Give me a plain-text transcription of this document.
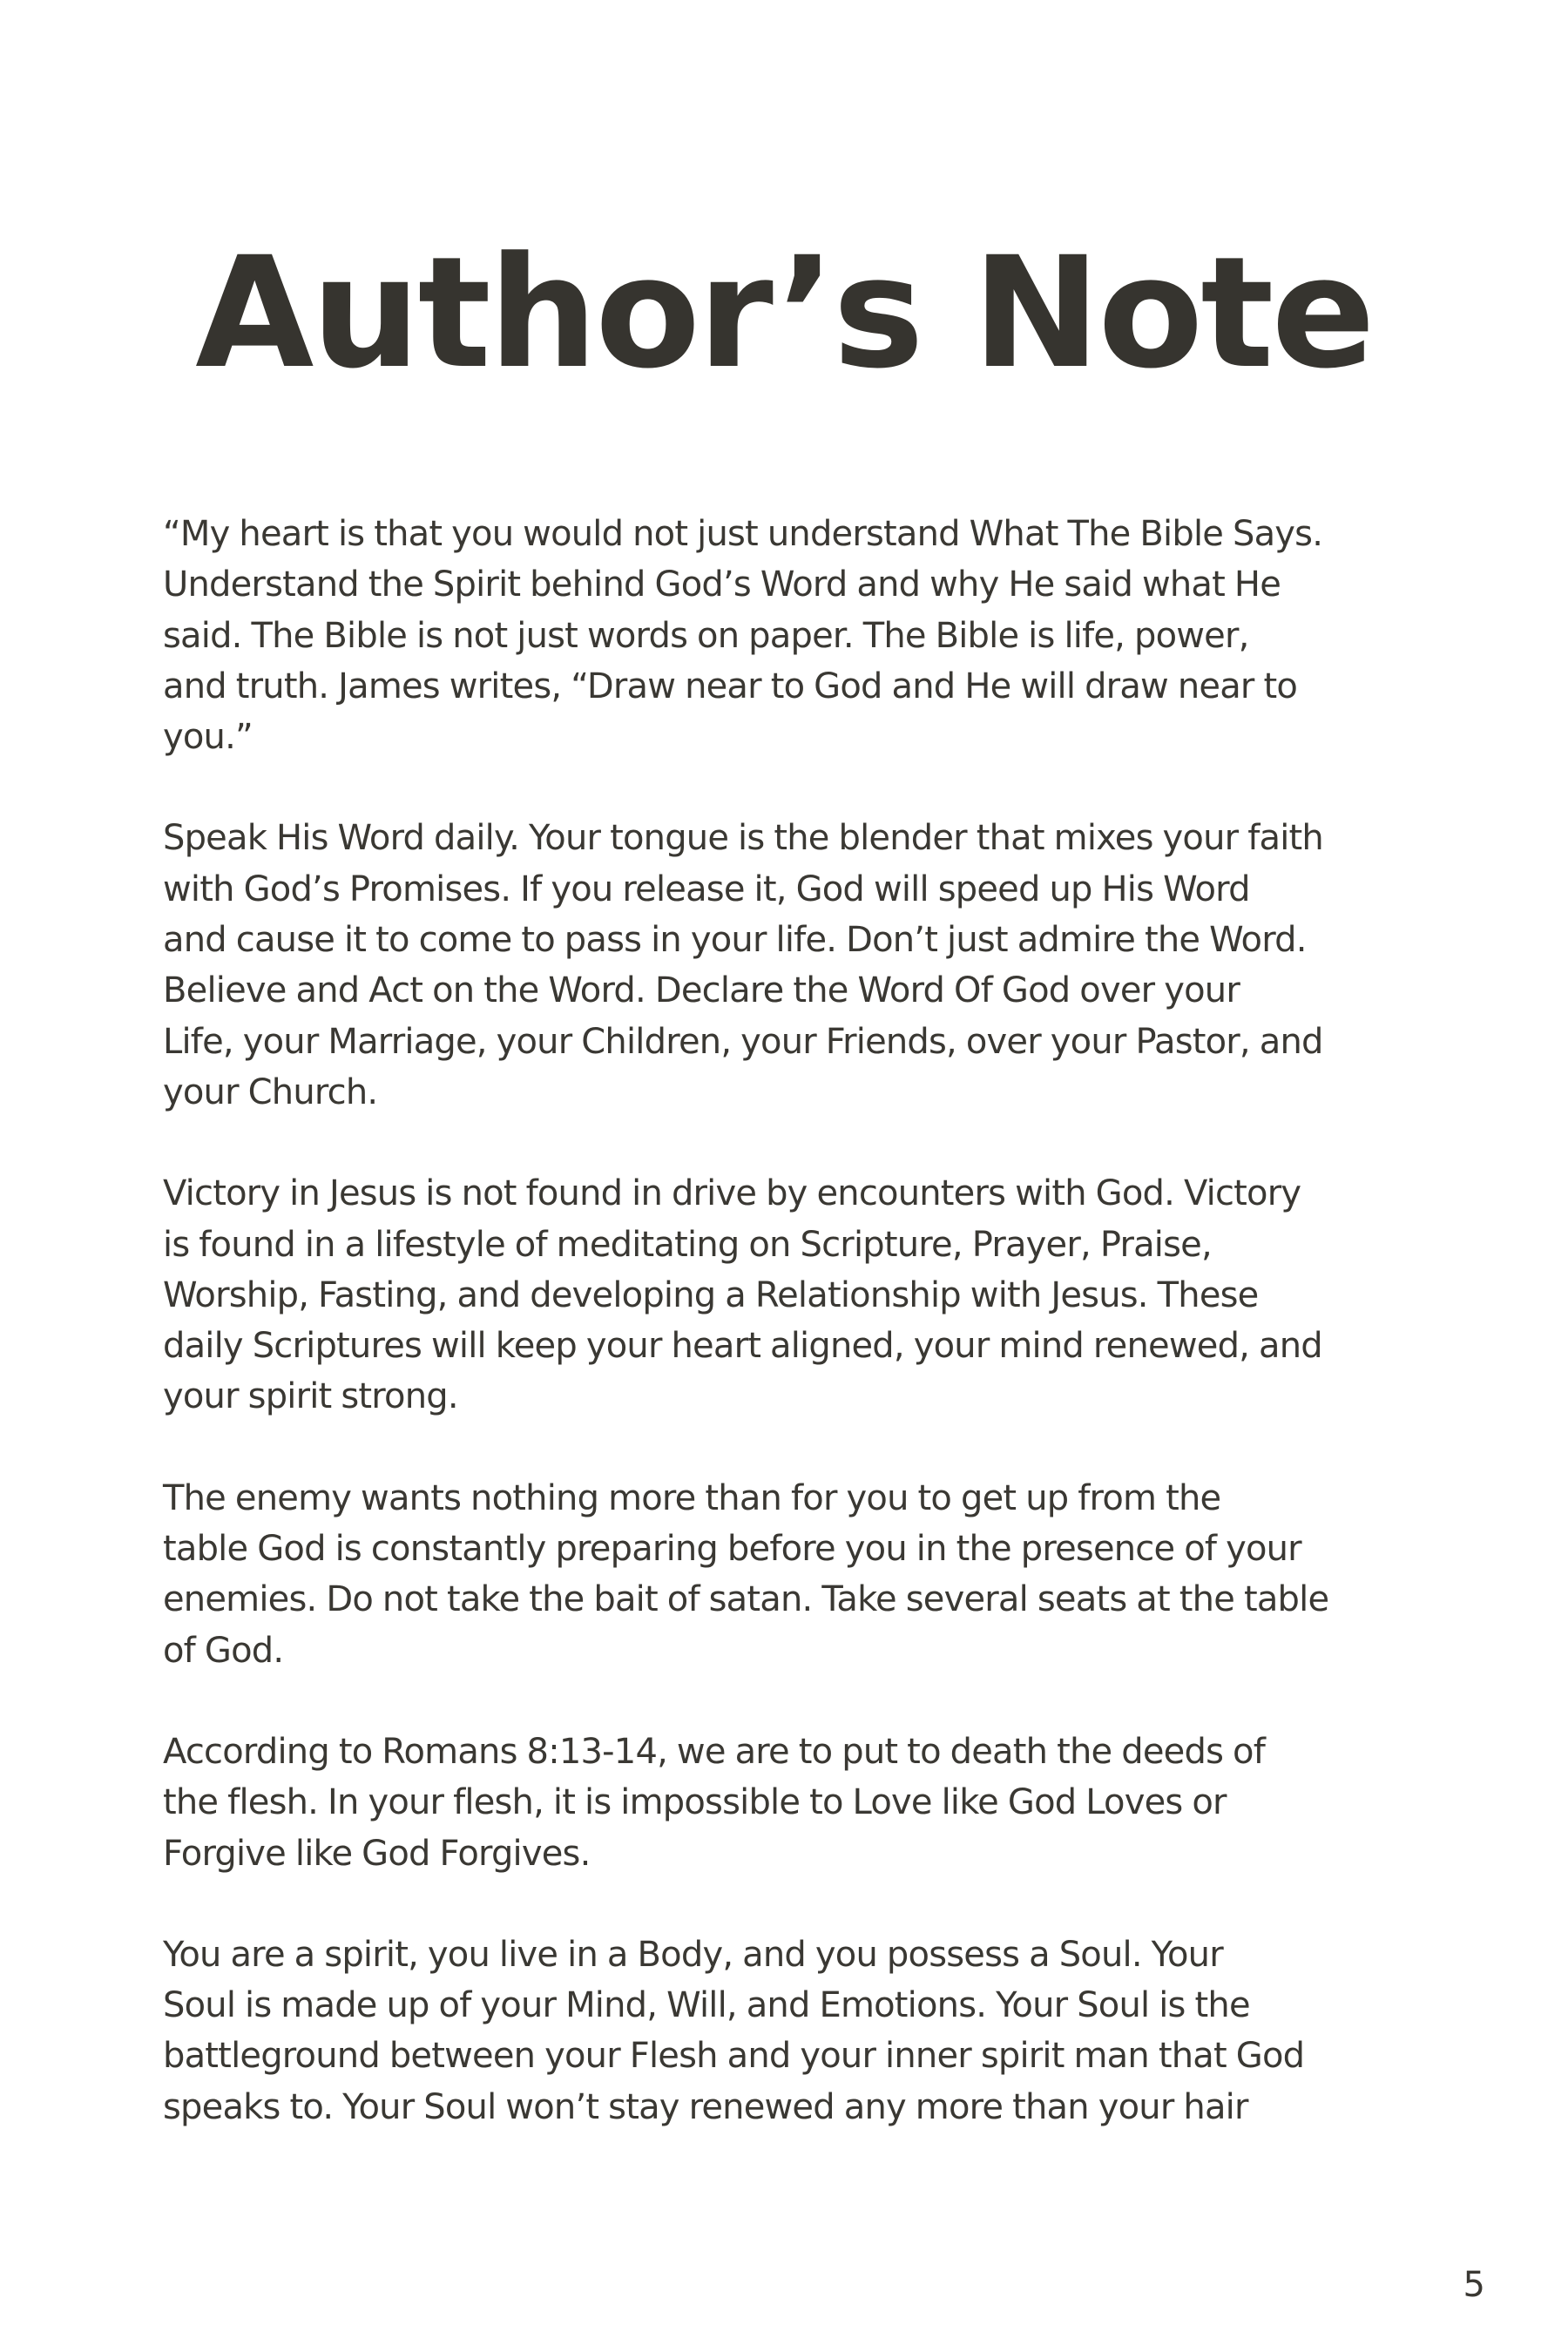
Author’s Note

“My heart is that you would not just understand What The Bible Says.
Understand the Spirit behind God’s Word and why He said what He
said. The Bible is not just words on paper. The Bible is life, power,
and truth. James writes, “Draw near to God and He will draw near to
you.”

Speak His Word daily. Your tongue is the blender that mixes your faith
with God’s Promises. If you release it, God will speed up His Word
and cause it to come to pass in your life. Don’t just admire the Word.
Believe and Act on the Word. Declare the Word Of God over your
Life, your Marriage, your Children, your Friends, over your Pastor, and
your Church.

Victory in Jesus is not found in drive by encounters with God. Victory
is found in a lifestyle of meditating on Scripture, Prayer, Praise,
Worship, Fasting, and developing a Relationship with Jesus. These
daily Scriptures will keep your heart aligned, your mind renewed, and
your spirit strong.

The enemy wants nothing more than for you to get up from the
table God is constantly preparing before you in the presence of your
enemies. Do not take the bait of satan. Take several seats at the table
of God.

According to Romans 8:13-14, we are to put to death the deeds of
the flesh. In your flesh, it is impossible to Love like God Loves or
Forgive like God Forgives.

You are a spirit, you live in a Body, and you possess a Soul. Your
Soul is made up of your Mind, Will, and Emotions. Your Soul is the
battleground between your Flesh and your inner spirit man that God
speaks to. Your Soul won’t stay renewed any more than your hair

5
